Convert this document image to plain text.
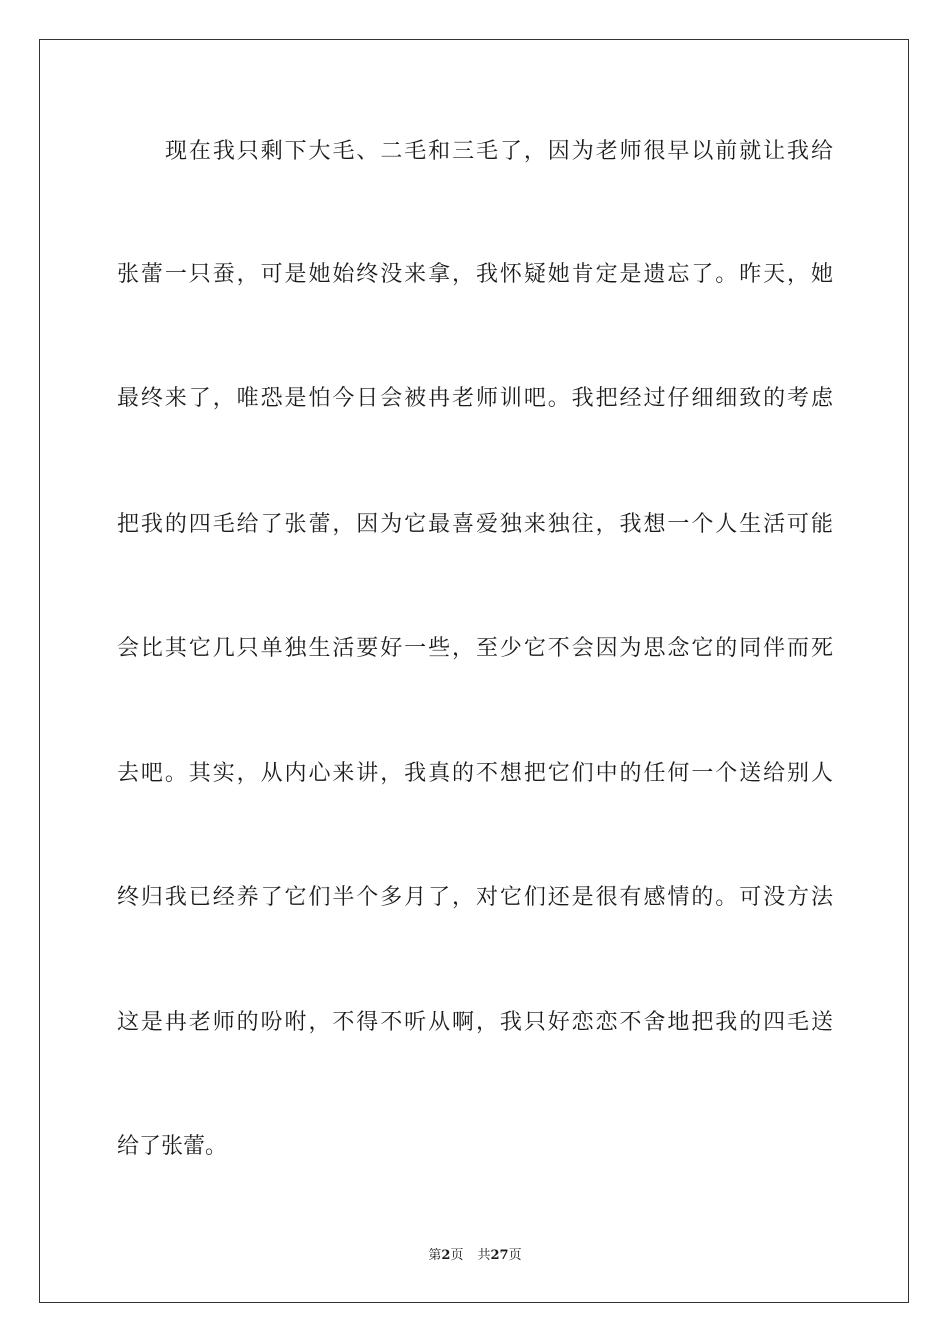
现在我只剩下大毛、二毛和三毛了，因为老师很早以前就让我给
张蕾一只蚕，可是她始终没来拿，我怀疑她肯定是遗忘了。昨天，她
最终来了，唯恐是怕今日会被冉老师训吧。我把经过仔细细致的考虑
把我的四毛给了张蕾，因为它最喜爱独来独往，我想一个人生活可能
会比其它几只单独生活要好一些，至少它不会因为思念它的同伴而死
去吧。其实，从内心来讲，我真的不想把它们中的任何一个送给别人
终归我已经养了它们半个多月了，对它们还是很有感情的。可没方法
这是冉老师的吩咐，不得不听从啊，我只好恋恋不舍地把我的四毛送
给了张蕾。
第2页 共27页
